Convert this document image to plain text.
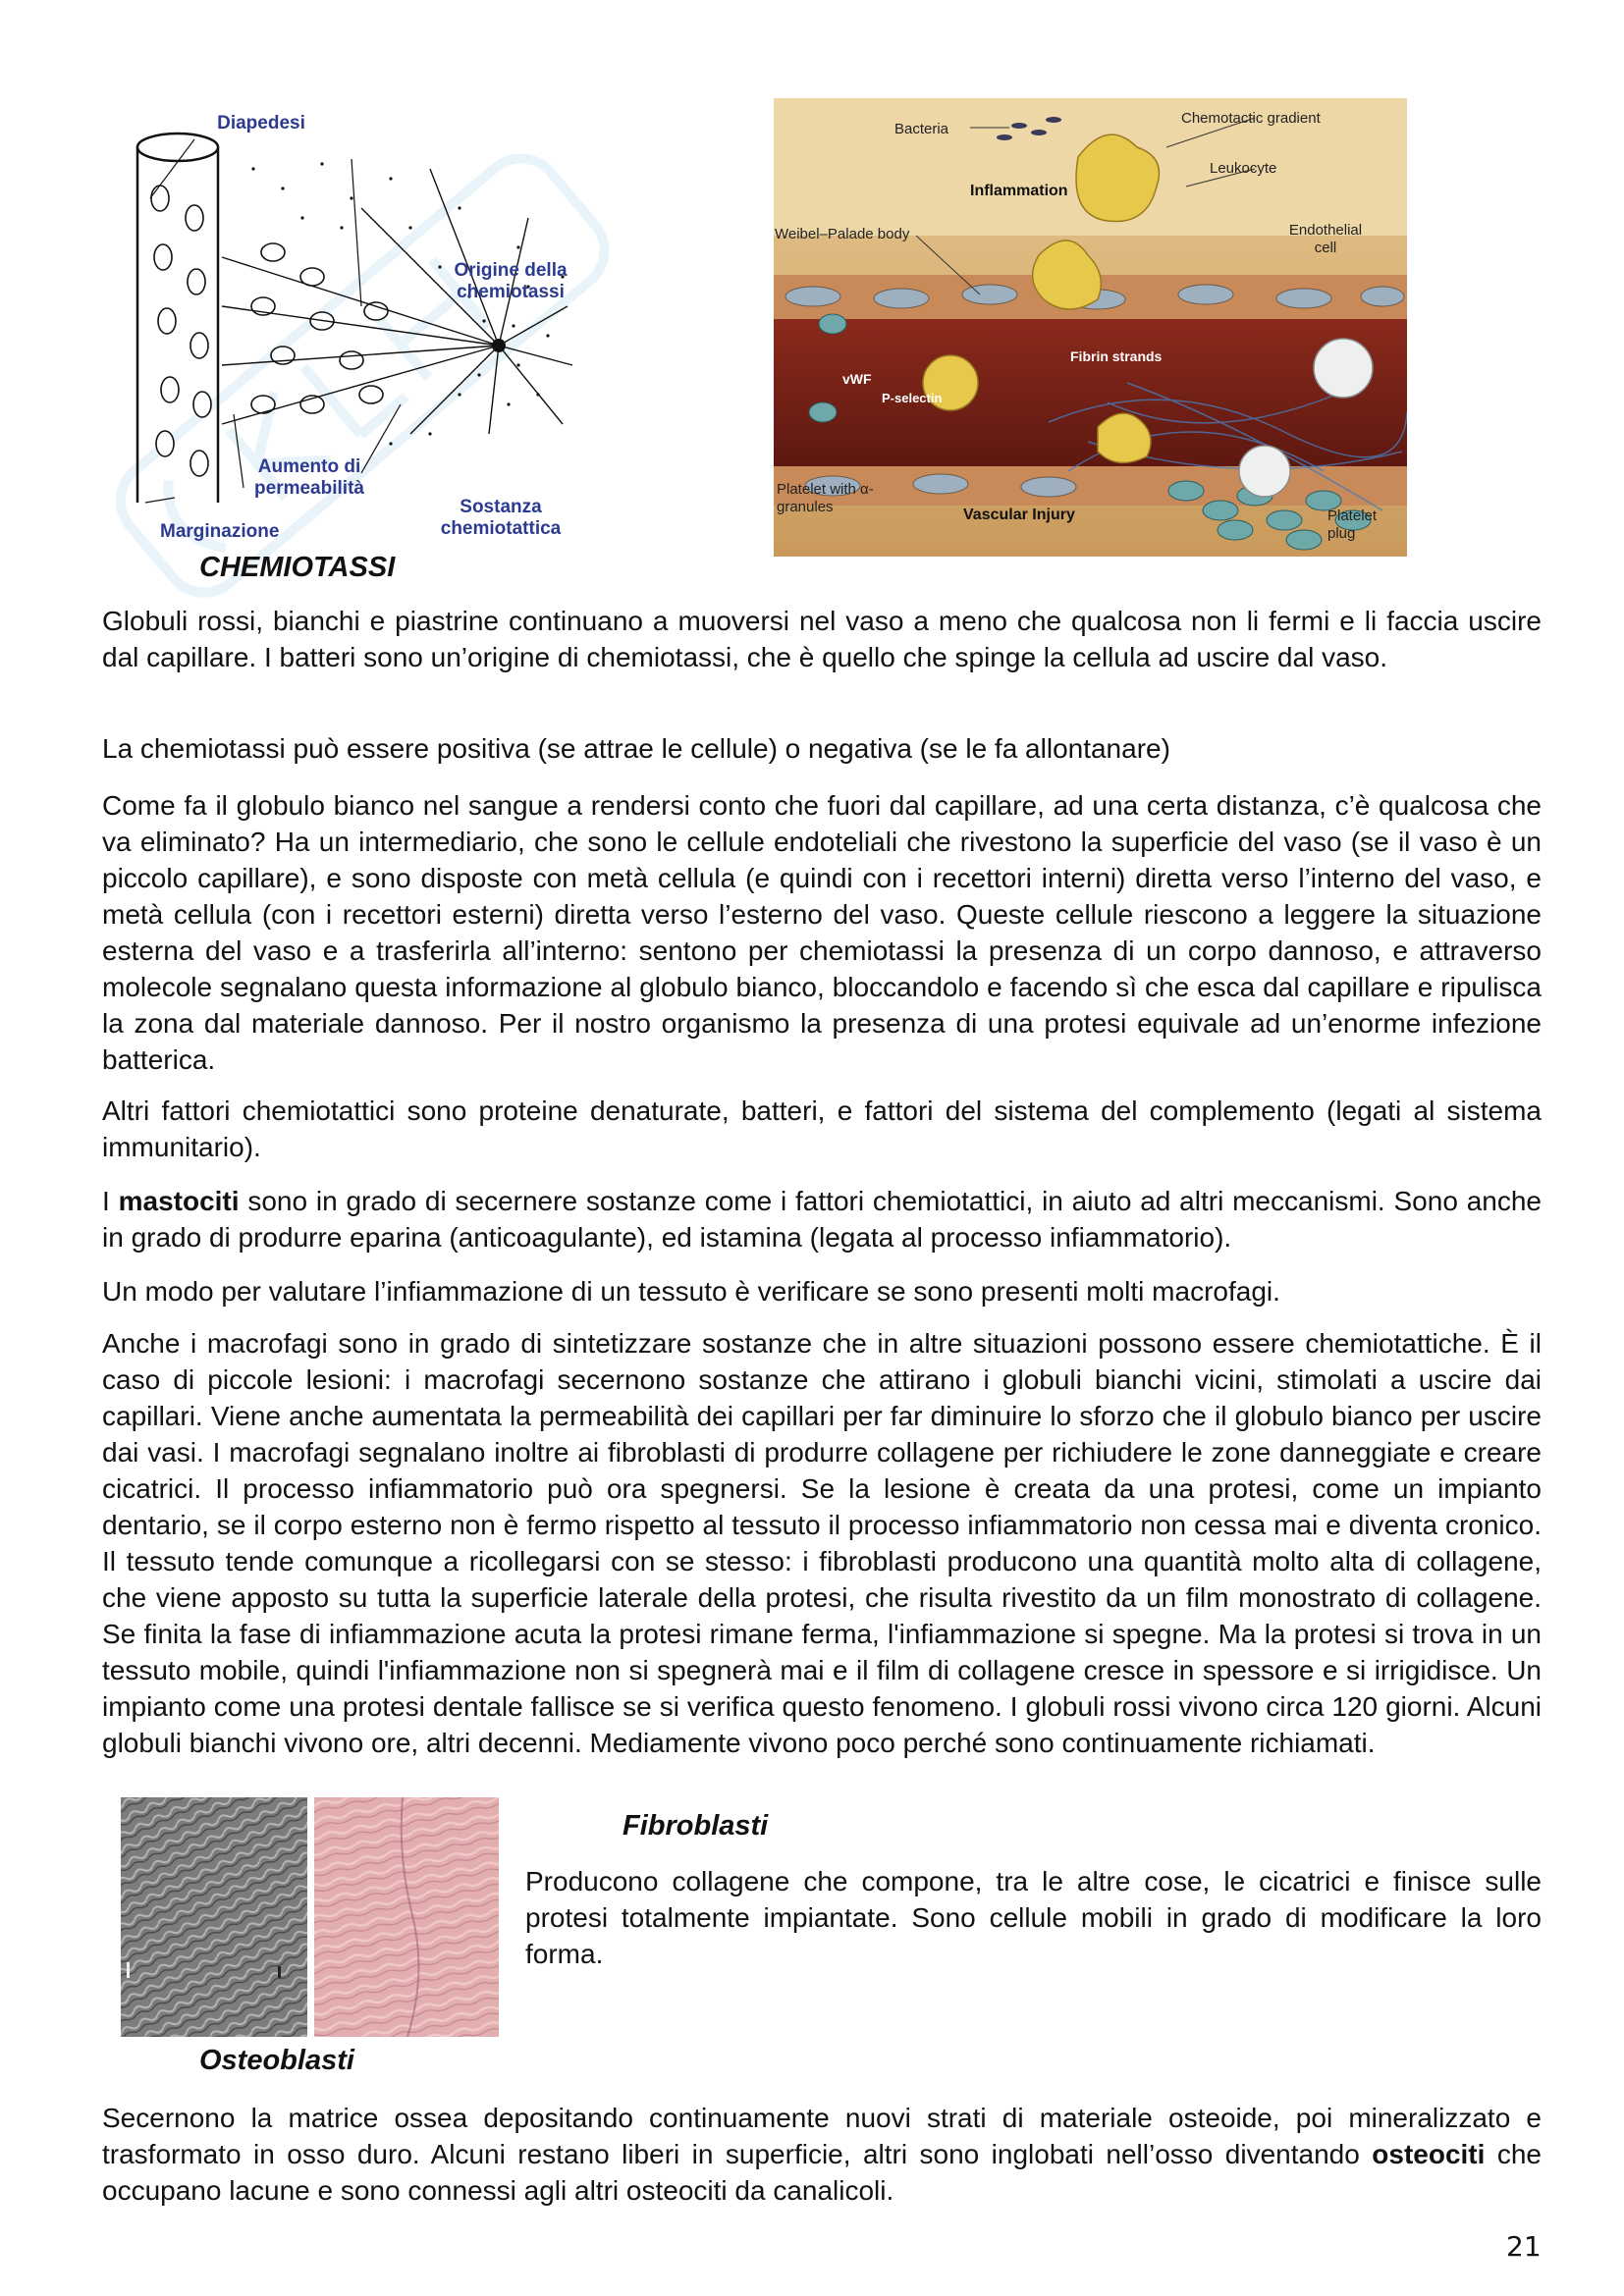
Diapedesi
Origine della chemiotassi
Aumento di permeabilità
Marginazione
Sostanza chemiotattica
CHEMIOTASSI
Bacteria
Chemotactic gradient
Leukocyte
Inflammation
Weibel–Palade body	Endothelial cell
Fibrin strands
vWF
P-selectin
Platelet with α-granules	Vascular Injury	Platelet plug

Globuli rossi, bianchi e piastrine continuano a muoversi nel vaso a meno che qualcosa non li fermi e li faccia uscire dal capillare. I batteri sono un’origine di chemiotassi, che è quello che spinge la cellula ad uscire dal vaso.

La chemiotassi può essere positiva (se attrae le cellule) o negativa (se le fa allontanare)

Come fa il globulo bianco nel sangue a rendersi conto che fuori dal capillare, ad una certa distanza, c’è qualcosa che va eliminato? Ha un intermediario, che sono le cellule endoteliali che rivestono la superficie del vaso (se il vaso è un piccolo capillare), e sono disposte con metà cellula (e quindi con i recettori interni) diretta verso l’interno del vaso, e metà cellula (con i recettori esterni) diretta verso l’esterno del vaso. Queste cellule riescono a leggere la situazione esterna del vaso e a trasferirla all’interno: sentono per chemiotassi la presenza di un corpo dannoso, e attraverso molecole segnalano questa informazione al globulo bianco, bloccandolo e facendo sì che esca dal capillare e ripulisca la zona dal materiale dannoso. Per il nostro organismo la presenza di una protesi equivale ad un’enorme infezione batterica.

Altri fattori chemiotattici sono proteine denaturate, batteri, e fattori del sistema del complemento (legati al sistema immunitario).

I mastociti sono in grado di secernere sostanze come i fattori chemiotattici, in aiuto ad altri meccanismi. Sono anche in grado di produrre eparina (anticoagulante), ed istamina (legata al processo infiammatorio).

Un modo per valutare l’infiammazione di un tessuto è verificare se sono presenti molti macrofagi.

Anche i macrofagi sono in grado di sintetizzare sostanze che in altre situazioni possono essere chemiotattiche. È il caso di piccole lesioni: i macrofagi secernono sostanze che attirano i globuli bianchi vicini, stimolati a uscire dai capillari. Viene anche aumentata la permeabilità dei capillari per far diminuire lo sforzo che il globulo bianco per uscire dai vasi. I macrofagi segnalano inoltre ai fibroblasti di produrre collagene per richiudere le zone danneggiate e creare cicatrici. Il processo infiammatorio può ora spegnersi. Se la lesione è creata da una protesi, come un impianto dentario, se il corpo esterno non è fermo rispetto al tessuto il processo infiammatorio non cessa mai e diventa cronico. Il tessuto tende comunque a ricollegarsi con se stesso: i fibroblasti producono una quantità molto alta di collagene, che viene apposto su tutta la superficie laterale della protesi, che risulta rivestito da un film monostrato di collagene. Se finita la fase di infiammazione acuta la protesi rimane ferma, l'infiammazione si spegne. Ma la protesi si trova in un tessuto mobile, quindi l'infiammazione non si spegnerà mai e il film di collagene cresce in spessore e si irrigidisce. Un impianto come una protesi dentale fallisce se si verifica questo fenomeno. I globuli rossi vivono circa 120 giorni. Alcuni globuli bianchi vivono ore, altri decenni. Mediamente vivono poco perché sono continuamente richiamati.

Fibroblasti

Producono collagene che compone, tra le altre cose, le cicatrici e finisce sulle protesi totalmente impiantate. Sono cellule mobili in grado di modificare la loro forma.

Osteoblasti

Secernono la matrice ossea depositando continuamente nuovi strati di materiale osteoide, poi mineralizzato e trasformato in osso duro. Alcuni restano liberi in superficie, altri sono inglobati nell’osso diventando osteociti che occupano lacune e sono connessi agli altri osteociti da canalicoli.

21
